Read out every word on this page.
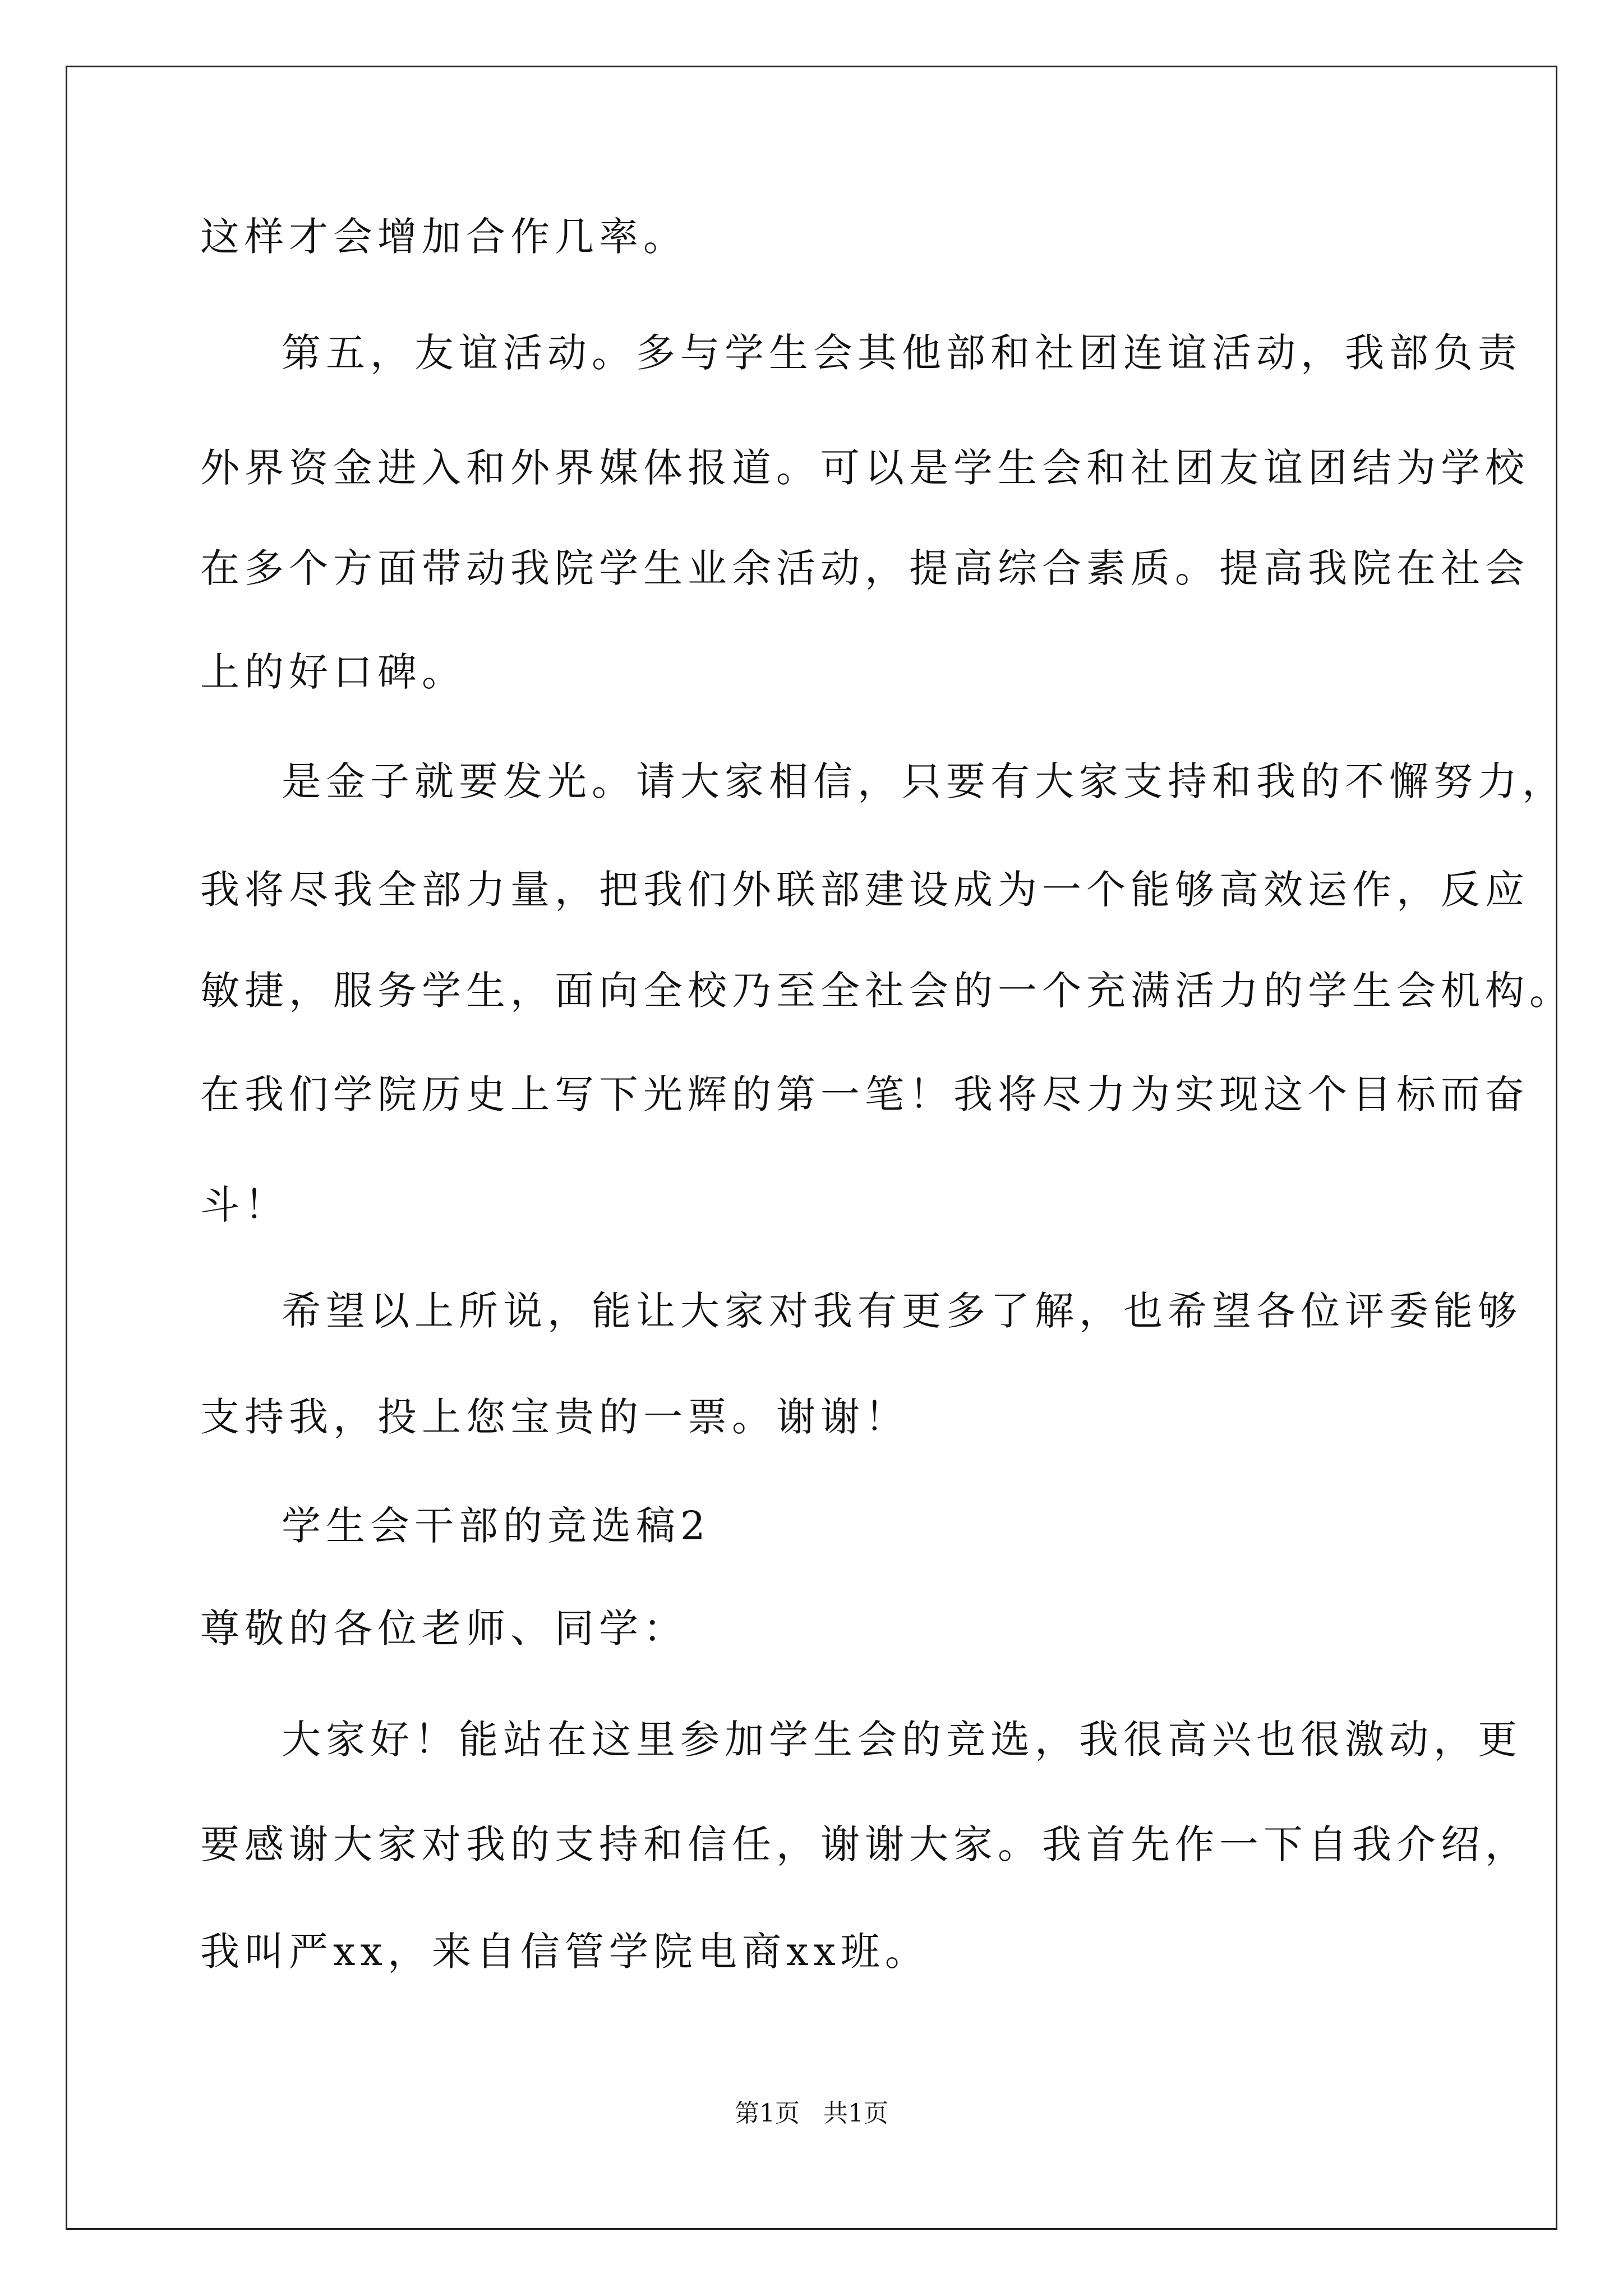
这样才会增加合作几率。

第五，友谊活动。多与学生会其他部和社团连谊活动，我部负责

外界资金进入和外界媒体报道。可以是学生会和社团友谊团结为学校

在多个方面带动我院学生业余活动，提高综合素质。提高我院在社会

上的好口碑。

是金子就要发光。请大家相信，只要有大家支持和我的不懈努力，

我将尽我全部力量，把我们外联部建设成为一个能够高效运作，反应

敏捷，服务学生，面向全校乃至全社会的一个充满活力的学生会机构。

在我们学院历史上写下光辉的第一笔！我将尽力为实现这个目标而奋

斗！

希望以上所说，能让大家对我有更多了解，也希望各位评委能够

支持我，投上您宝贵的一票。谢谢！

学生会干部的竞选稿2

尊敬的各位老师、同学：

大家好！能站在这里参加学生会的竞选，我很高兴也很激动，更

要感谢大家对我的支持和信任，谢谢大家。我首先作一下自我介绍，

我叫严xx，来自信管学院电商xx班。

第1页   共1页
